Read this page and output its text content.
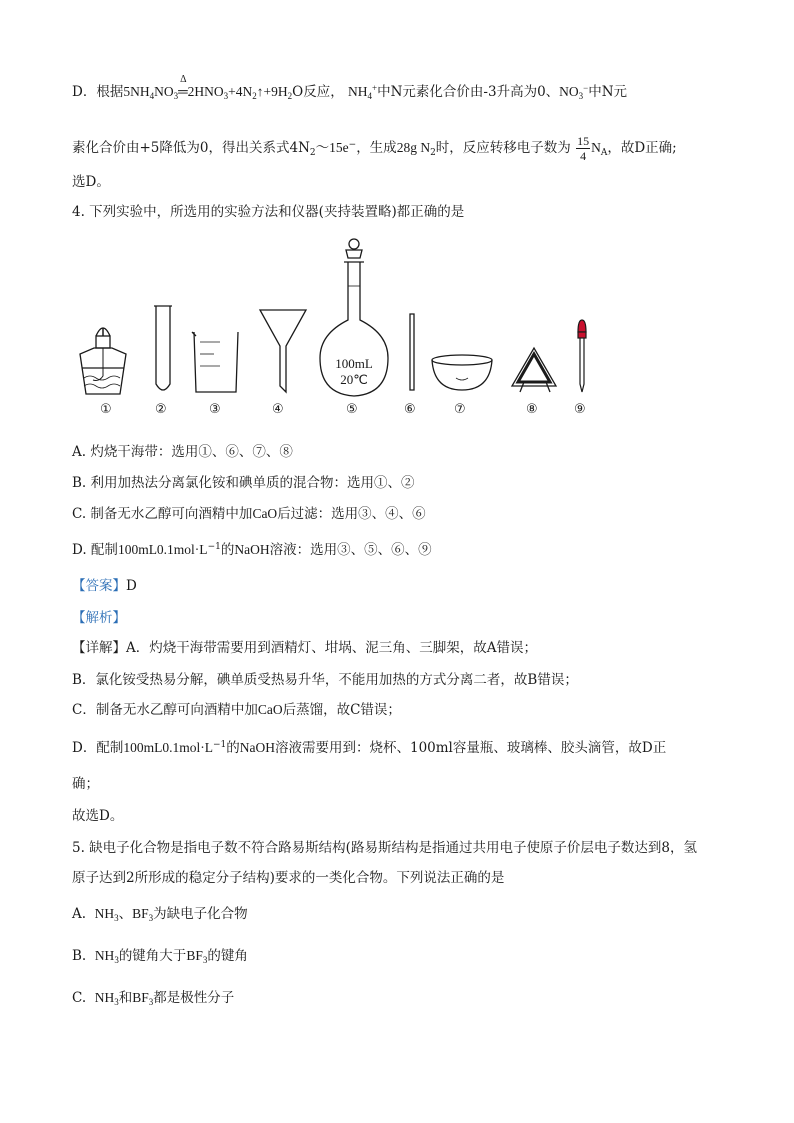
D．根据$5NH_4NO_3$
Δ
$═2HNO_3+4N_2↑+9H_2O$反应， $NH_4^+$中N元素化合价由-3升高为0、$NO_3^-$中N元
素化合价由+5降低为0，得出关系式$4N_2\sim 15e^-$，生成28g $N_2$时，反应转移电子数为 $\frac{15}{4} N_A$，故D正确;
选D。
4. 下列实验中，所选用的实验方法和仪器(夹持装置略)都正确的是
100mL
20℃
①	②	③	④	⑤	⑥	⑦	⑧	⑨
A. 灼烧干海带：选用①、⑥、⑦、⑧
B. 利用加热法分离氯化铵和碘单质的混合物：选用①、②
C. 制备无水乙醇可向酒精中加CaO后过滤：选用③、④、⑥
D. 配制$100mL0.1mol\cdot L^{-1}$的NaOH溶液：选用③、⑤、⑥、⑨
【答案】D
【解析】
【详解】A．灼烧干海带需要用到酒精灯、坩埚、泥三角、三脚架，故A错误；
B．氯化铵受热易分解，碘单质受热易升华，不能用加热的方式分离二者，故B错误；
C．制备无水乙醇可向酒精中加CaO后蒸馏，故C错误；
D．配制$100mL0.1mol\cdot L^{-1}$的NaOH溶液需要用到：烧杯、100ml容量瓶、玻璃棒、胶头滴管，故D正
确；
故选D。
5. 缺电子化合物是指电子数不符合路易斯结构(路易斯结构是指通过共用电子使原子价层电子数达到8，氢
原子达到2所形成的稳定分子结构)要求的一类化合物。下列说法正确的是
A. $NH_3$、$BF_3$为缺电子化合物
B. $NH_3$的键角大于$BF_3$的键角
C. $NH_3$和$BF_3$都是极性分子
